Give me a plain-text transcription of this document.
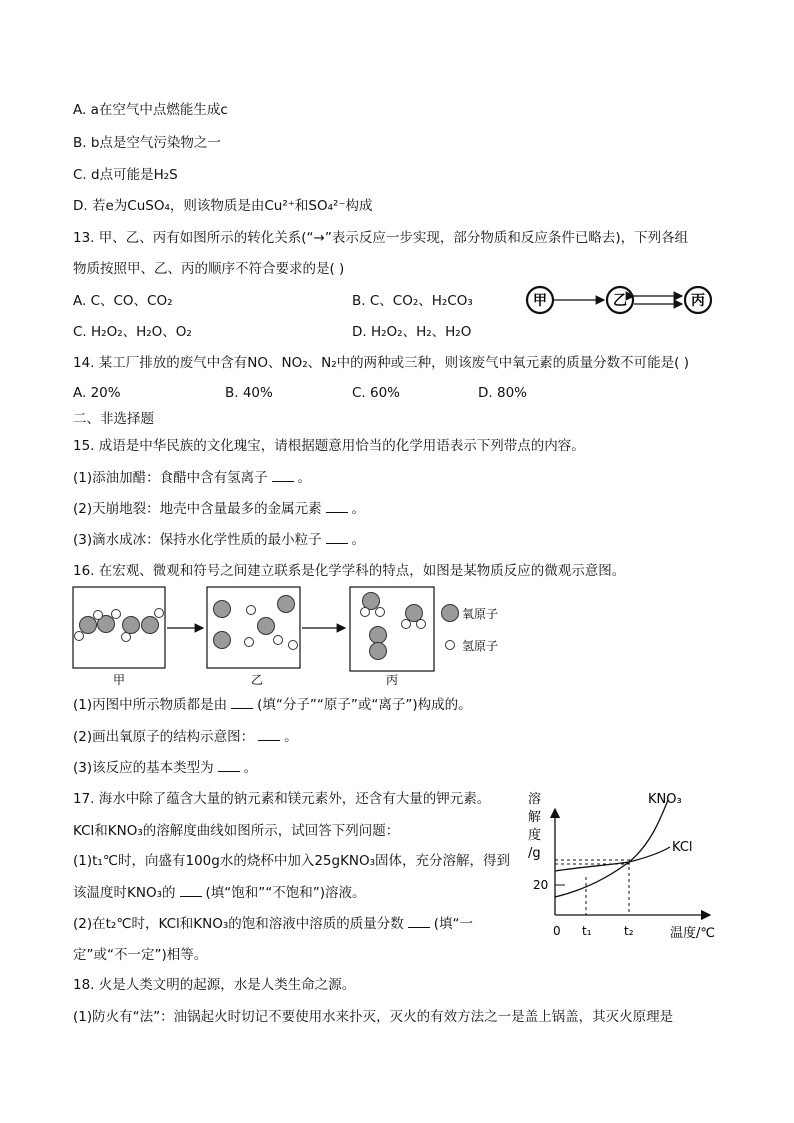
A. a在空气中点燃能生成c
B. b点是空气污染物之一
C. d点可能是H₂S
D. 若e为CuSO₄，则该物质是由Cu²⁺和SO₄²⁻构成
13. 甲、乙、丙有如图所示的转化关系(“→”表示反应一步实现，部分物质和反应条件已略去)，下列各组
物质按照甲、乙、丙的顺序不符合要求的是( )
A. C、CO、CO₂	B. C、CO₂、H₂CO₃
C. H₂O₂、H₂O、O₂	D. H₂O₂、H₂、H₂O
甲	乙	丙
14. 某工厂排放的废气中含有NO、NO₂、N₂中的两种或三种，则该废气中氧元素的质量分数不可能是( )
A. 20%	B. 40%	C. 60%	D. 80%
二、非选择题
15. 成语是中华民族的文化瑰宝，请根据题意用恰当的化学用语表示下列带点的内容。
(1)添油加醋：食醋中含有氢离子 。
(2)天崩地裂：地壳中含量最多的金属元素 。
(3)滴水成冰：保持水化学性质的最小粒子 。
16. 在宏观、微观和符号之间建立联系是化学学科的特点，如图是某物质反应的微观示意图。
甲	乙	丙
氧原子
氢原子
(1)丙图中所示物质都是由 (填“分子”“原子”或“离子”)构成的。
(2)画出氧原子的结构示意图： 。
(3)该反应的基本类型为 。
17. 海水中除了蕴含大量的钠元素和镁元素外，还含有大量的钾元素。
KCl和KNO₃的溶解度曲线如图所示，试回答下列问题：
(1)t₁℃时，向盛有100g水的烧杯中加入25gKNO₃固体，充分溶解，得到
该温度时KNO₃的 (填“饱和”“不饱和”)溶液。
(2)在t₂℃时，KCl和KNO₃的饱和溶液中溶质的质量分数 (填“一
定”或“不一定”)相等。
溶
解
度
/g
0
20
KNO₃
KCl
t₁	t₂	温度/℃
18. 火是人类文明的起源，水是人类生命之源。
(1)防火有“法”：油锅起火时切记不要使用水来扑灭，灭火的有效方法之一是盖上锅盖，其灭火原理是
